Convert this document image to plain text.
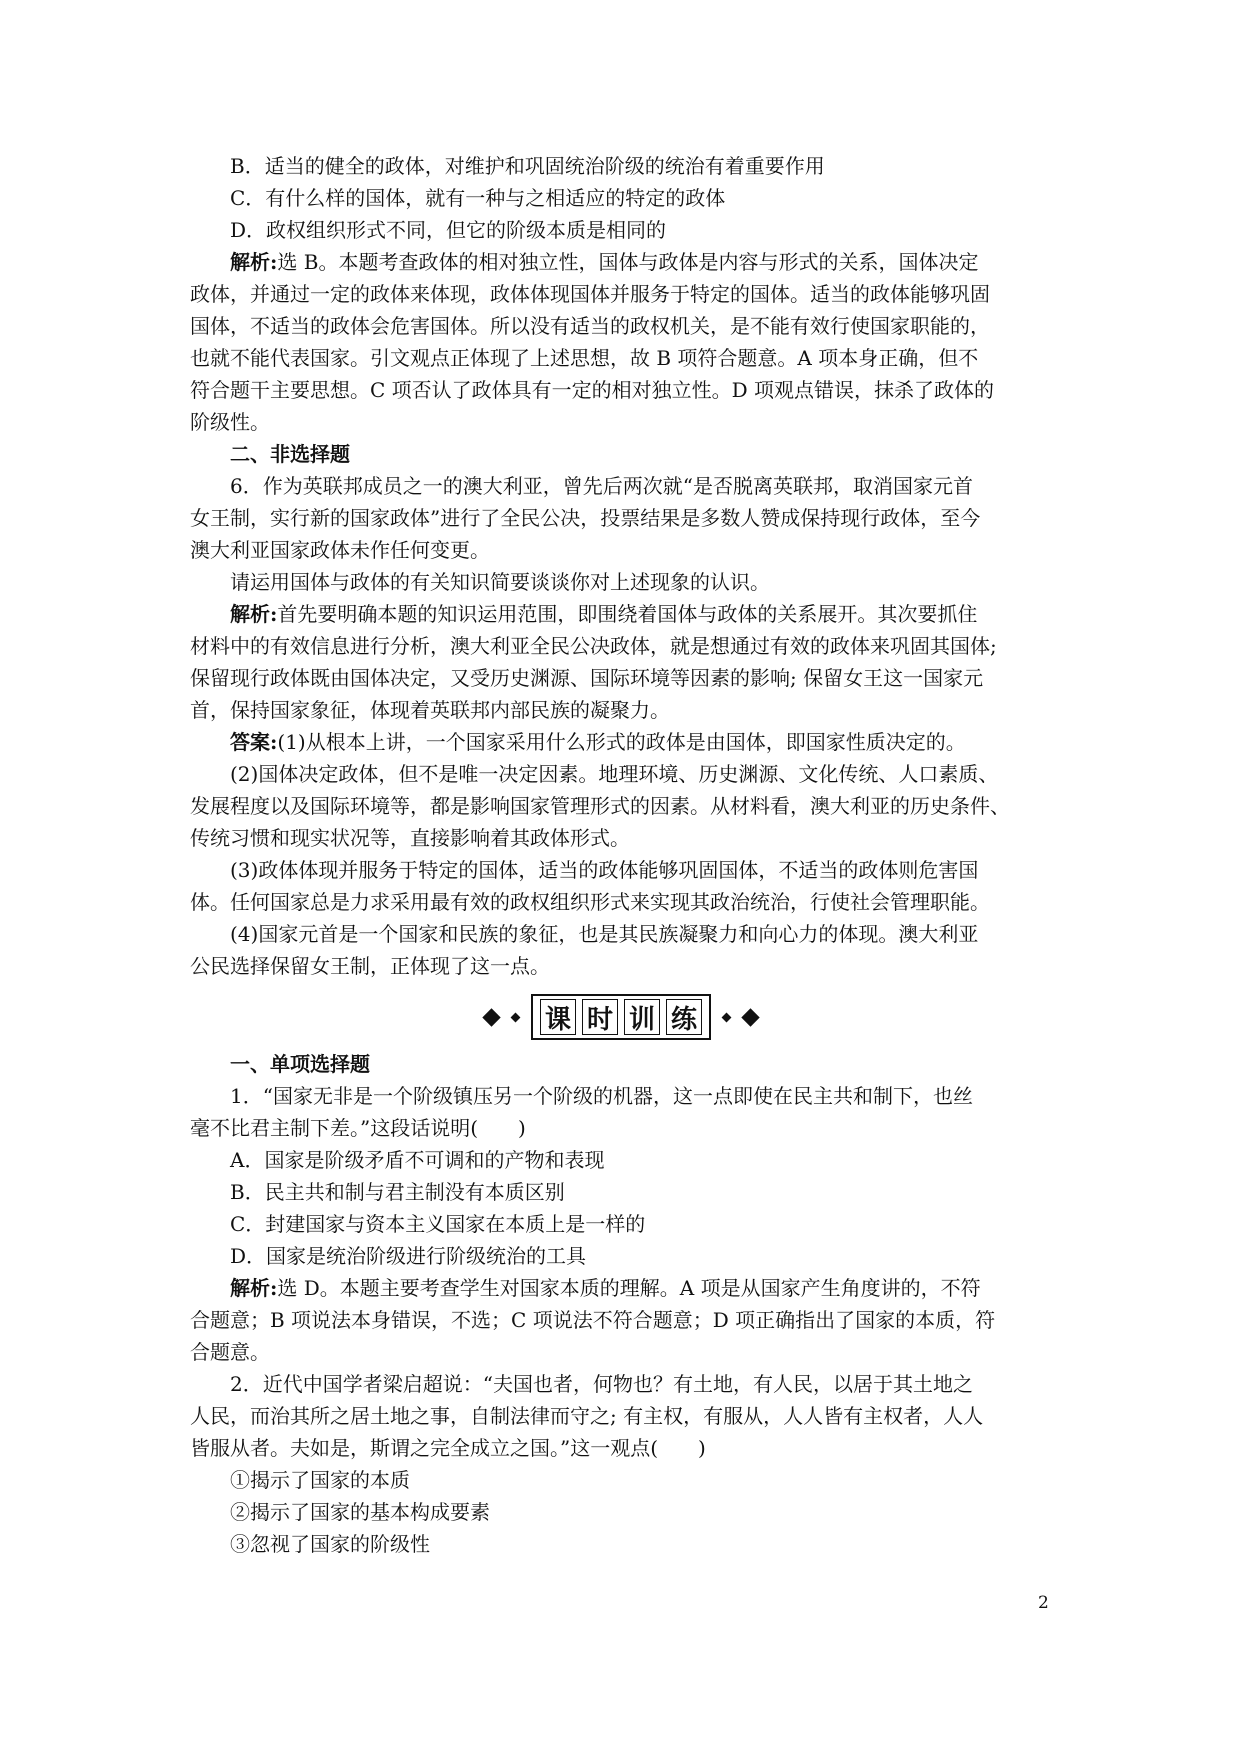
B．适当的健全的政体，对维护和巩固统治阶级的统治有着重要作用
C．有什么样的国体，就有一种与之相适应的特定的政体
D．政权组织形式不同，但它的阶级本质是相同的
解析:选 B。本题考查政体的相对独立性，国体与政体是内容与形式的关系，国体决定
政体，并通过一定的政体来体现，政体体现国体并服务于特定的国体。适当的政体能够巩固
国体，不适当的政体会危害国体。所以没有适当的政权机关，是不能有效行使国家职能的，
也就不能代表国家。引文观点正体现了上述思想，故 B 项符合题意。A 项本身正确，但不
符合题干主要思想。C 项否认了政体具有一定的相对独立性。D 项观点错误，抹杀了政体的
阶级性。
二、非选择题
6．作为英联邦成员之一的澳大利亚，曾先后两次就“是否脱离英联邦，取消国家元首
女王制，实行新的国家政体”进行了全民公决，投票结果是多数人赞成保持现行政体，至今
澳大利亚国家政体未作任何变更。
请运用国体与政体的有关知识简要谈谈你对上述现象的认识。
解析:首先要明确本题的知识运用范围，即围绕着国体与政体的关系展开。其次要抓住
材料中的有效信息进行分析，澳大利亚全民公决政体，就是想通过有效的政体来巩固其国体;
保留现行政体既由国体决定，又受历史渊源、国际环境等因素的影响; 保留女王这一国家元
首，保持国家象征，体现着英联邦内部民族的凝聚力。
答案:(1)从根本上讲，一个国家采用什么形式的政体是由国体，即国家性质决定的。
(2)国体决定政体，但不是唯一决定因素。地理环境、历史渊源、文化传统、人口素质、
发展程度以及国际环境等，都是影响国家管理形式的因素。从材料看，澳大利亚的历史条件、
传统习惯和现实状况等，直接影响着其政体形式。
(3)政体体现并服务于特定的国体，适当的政体能够巩固国体，不适当的政体则危害国
体。任何国家总是力求采用最有效的政权组织形式来实现其政治统治，行使社会管理职能。
(4)国家元首是一个国家和民族的象征，也是其民族凝聚力和向心力的体现。澳大利亚
公民选择保留女王制，正体现了这一点。
课 时 训 练
一、单项选择题
1．“国家无非是一个阶级镇压另一个阶级的机器，这一点即使在民主共和制下，也丝
毫不比君主制下差。”这段话说明(　　)
A．国家是阶级矛盾不可调和的产物和表现
B．民主共和制与君主制没有本质区别
C．封建国家与资本主义国家在本质上是一样的
D．国家是统治阶级进行阶级统治的工具
解析:选 D。本题主要考查学生对国家本质的理解。A 项是从国家产生角度讲的，不符
合题意；B 项说法本身错误，不选；C 项说法不符合题意；D 项正确指出了国家的本质，符
合题意。
2．近代中国学者梁启超说：“夫国也者，何物也？有土地，有人民，以居于其土地之
人民，而治其所之居土地之事，自制法律而守之; 有主权，有服从，人人皆有主权者，人人
皆服从者。夫如是，斯谓之完全成立之国。”这一观点(　　)
①揭示了国家的本质
②揭示了国家的基本构成要素
③忽视了国家的阶级性
2
